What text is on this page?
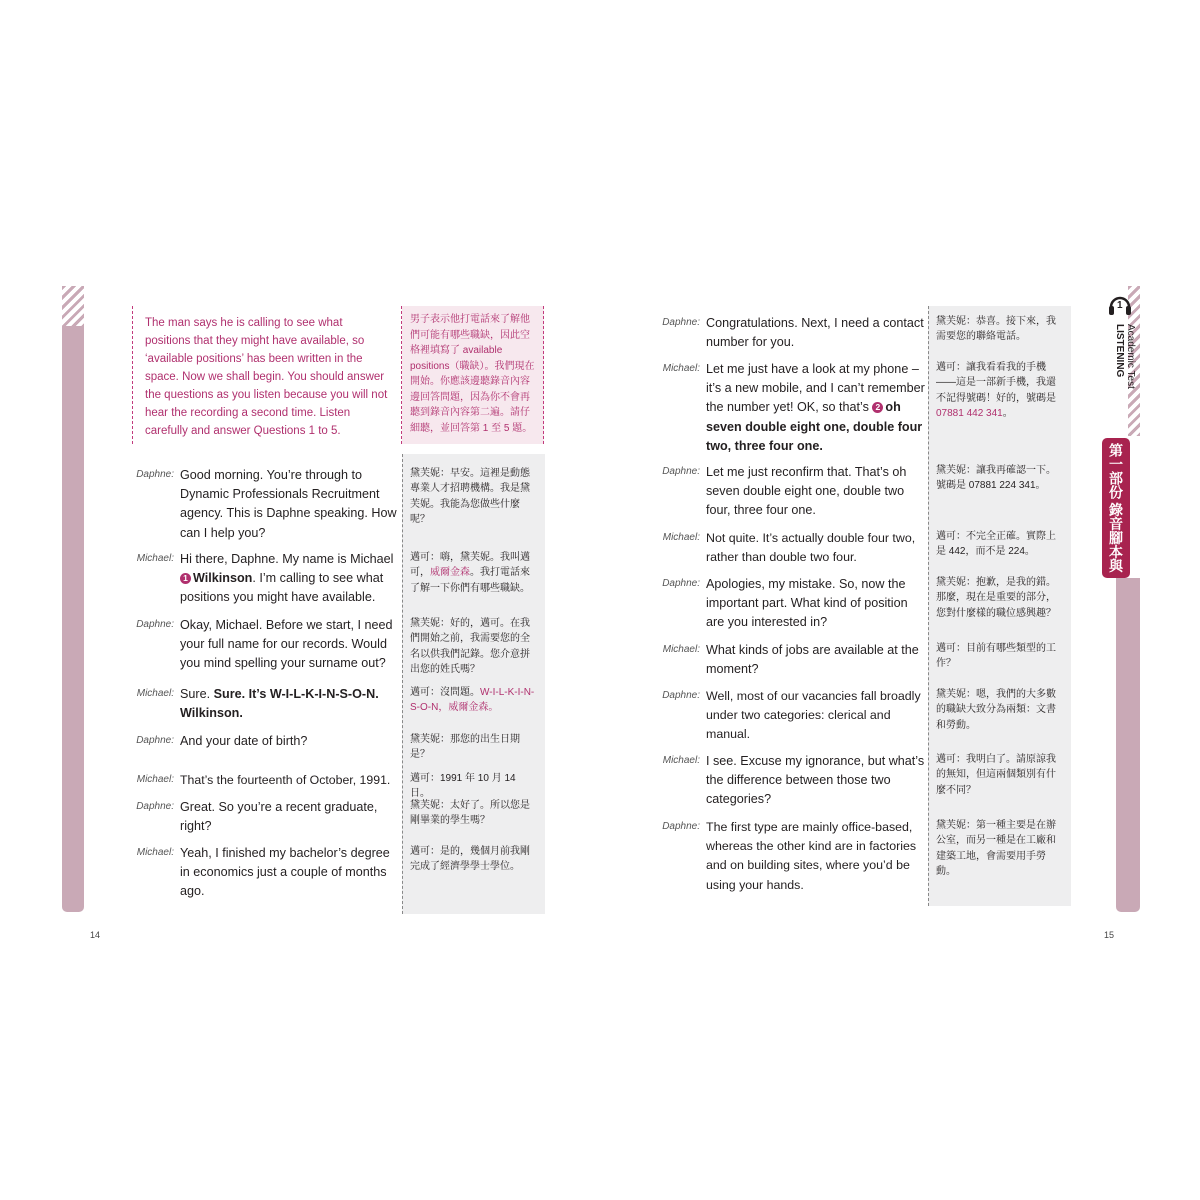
The man says he is calling to see what positions that they might have available, so ‘available positions’ has been written in the space. Now we shall begin. You should answer the questions as you listen because you will not hear the recording a second time. Listen carefully and answer Questions 1 to 5.
男子表示他打電話來了解他們可能有哪些職缺，因此空格裡填寫了 available positions（職缺）。我們現在開始。你應該邊聽錄音內容邊回答問題，因為你不會再聽到錄音內容第二遍。請仔細聽，並回答第 1 至 5 題。
Daphne: Good morning. You’re through to
Dynamic Professionals Recruitment
agency. This is Daphne speaking. How
can I help you?
黛芙妮：早安。這裡是動態專業人才招聘機構。我是黛芙妮。我能為您做些什麼呢？
Michael: Hi there, Daphne. My name is Michael
1 Wilkinson. I’m calling to see what
positions you might have available.
邁可：嗨，黛芙妮。我叫邁可，威爾金森。我打電話來了解一下你們有哪些職缺。
Daphne: Okay, Michael. Before we start, I need
your full name for our records. Would
you mind spelling your surname out?
黛芙妮：好的，邁可。在我們開始之前，我需要您的全名以供我們記錄。您介意拼出您的姓氏嗎？
Michael: Sure. Sure. It’s W-I-L-K-I-N-S-O-N.
Wilkinson.
邁可：沒問題。W-I-L-K-I-N-S-O-N，威爾金森。
Daphne: And your date of birth?	黛芙妮：那您的出生日期是？
Michael: That’s the fourteenth of October, 1991.	邁可：1991 年 10 月 14 日。
Daphne: Great. So you’re a recent graduate,
right?
黛芙妮：太好了。所以您是剛畢業的學生嗎？
Michael: Yeah, I finished my bachelor’s degree
in economics just a couple of months
ago.
邁可：是的，幾個月前我剛完成了經濟學學士學位。
14
1
Academic Test LISTENING
第一部份 錄音腳本與中譯
Daphne: Congratulations. Next, I need a contact
number for you.
黛芙妮：恭喜。接下來，我需要您的聯絡電話。
Michael: Let me just have a look at my phone –
it’s a new mobile, and I can’t remember
the number yet! OK, so that’s 2 oh
seven double eight one, double four
two, three four one.
邁可：讓我看看我的手機——這是一部新手機，我還不記得號碼！好的，號碼是07881 442 341。
Daphne: Let me just reconfirm that. That’s oh
seven double eight one, double two
four, three four one.
黛芙妮：讓我再確認一下。號碼是 07881 224 341。
Michael: Not quite. It’s actually double four two,
rather than double two four.
邁可：不完全正確。實際上是 442，而不是 224。
Daphne: Apologies, my mistake. So, now the
important part. What kind of position
are you interested in?
黛芙妮：抱歉，是我的錯。那麼，現在是重要的部分，您對什麼樣的職位感興趣？
Michael: What kinds of jobs are available at the
moment?
邁可：目前有哪些類型的工作？
Daphne: Well, most of our vacancies fall broadly
under two categories: clerical and
manual.
黛芙妮：嗯，我們的大多數的職缺大致分為兩類：文書和勞動。
Michael: I see. Excuse my ignorance, but what’s
the difference between those two
categories?
邁可：我明白了。請原諒我的無知，但這兩個類別有什麼不同？
Daphne: The first type are mainly office-based,
whereas the other kind are in factories
and on building sites, where you’d be
using your hands.
黛芙妮：第一種主要是在辦公室，而另一種是在工廠和建築工地，會需要用手勞動。
15
